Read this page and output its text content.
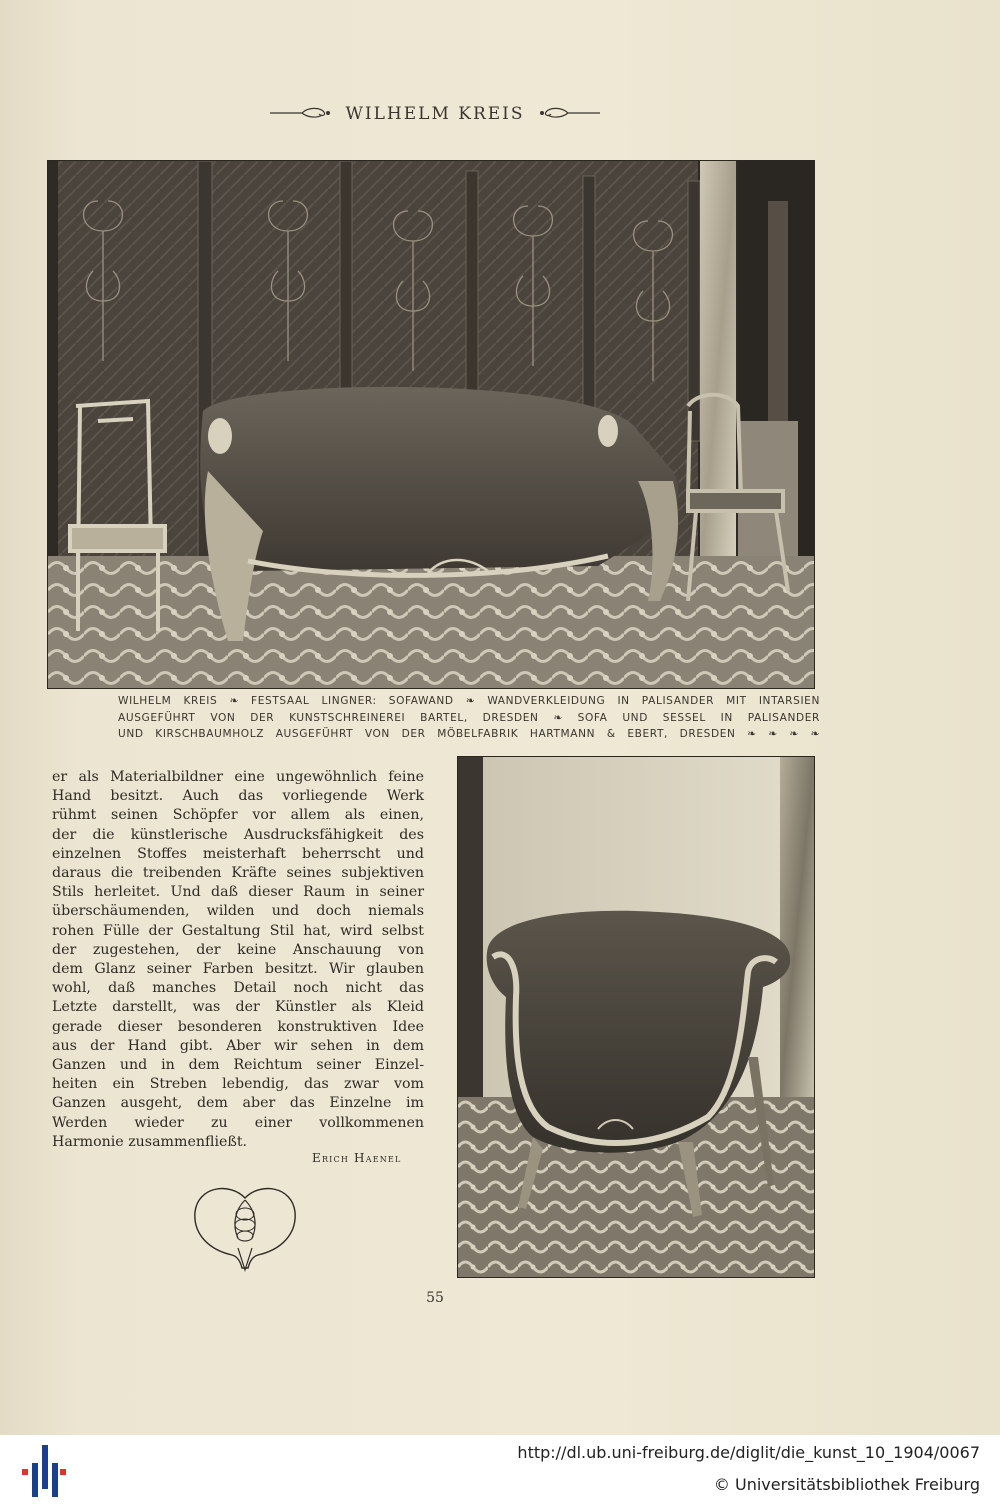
WILHELM KREIS
WILHELM KREIS ❧ FESTSAAL LINGNER: SOFAWAND ❧ WANDVERKLEIDUNG IN PALISANDER MIT INTARSIEN
AUSGEFÜHRT VON DER KUNSTSCHREINEREI BARTEL, DRESDEN ❧ SOFA UND SESSEL IN PALISANDER
UND KIRSCHBAUMHOLZ AUSGEFÜHRT VON DER MÖBELFABRIK HARTMANN & EBERT, DRESDEN ❧ ❧ ❧ ❧
er als Materialbildner eine ungewöhnlich feine
Hand besitzt. Auch das vorliegende Werk
rühmt seinen Schöpfer vor allem als einen,
der die künstlerische Ausdrucksfähigkeit des
einzelnen Stoffes meisterhaft beherrscht und
daraus die treibenden Kräfte seines subjektiven
Stils herleitet. Und daß dieser Raum in seiner
überschäumenden, wilden und doch niemals
rohen Fülle der Gestaltung Stil hat, wird selbst
der zugestehen, der keine Anschauung von
dem Glanz seiner Farben besitzt. Wir glauben
wohl, daß manches Detail noch nicht das
Letzte darstellt, was der Künstler als Kleid
gerade dieser besonderen konstruktiven Idee
aus der Hand gibt. Aber wir sehen in dem
Ganzen und in dem Reichtum seiner Einzel-
heiten ein Streben lebendig, das zwar vom
Ganzen ausgeht, dem aber das Einzelne im
Werden wieder zu einer vollkommenen
Harmonie zusammenfließt.
Erich Haenel
55
http://dl.ub.uni-freiburg.de/diglit/die_kunst_10_1904/0067
© Universitätsbibliothek Freiburg
